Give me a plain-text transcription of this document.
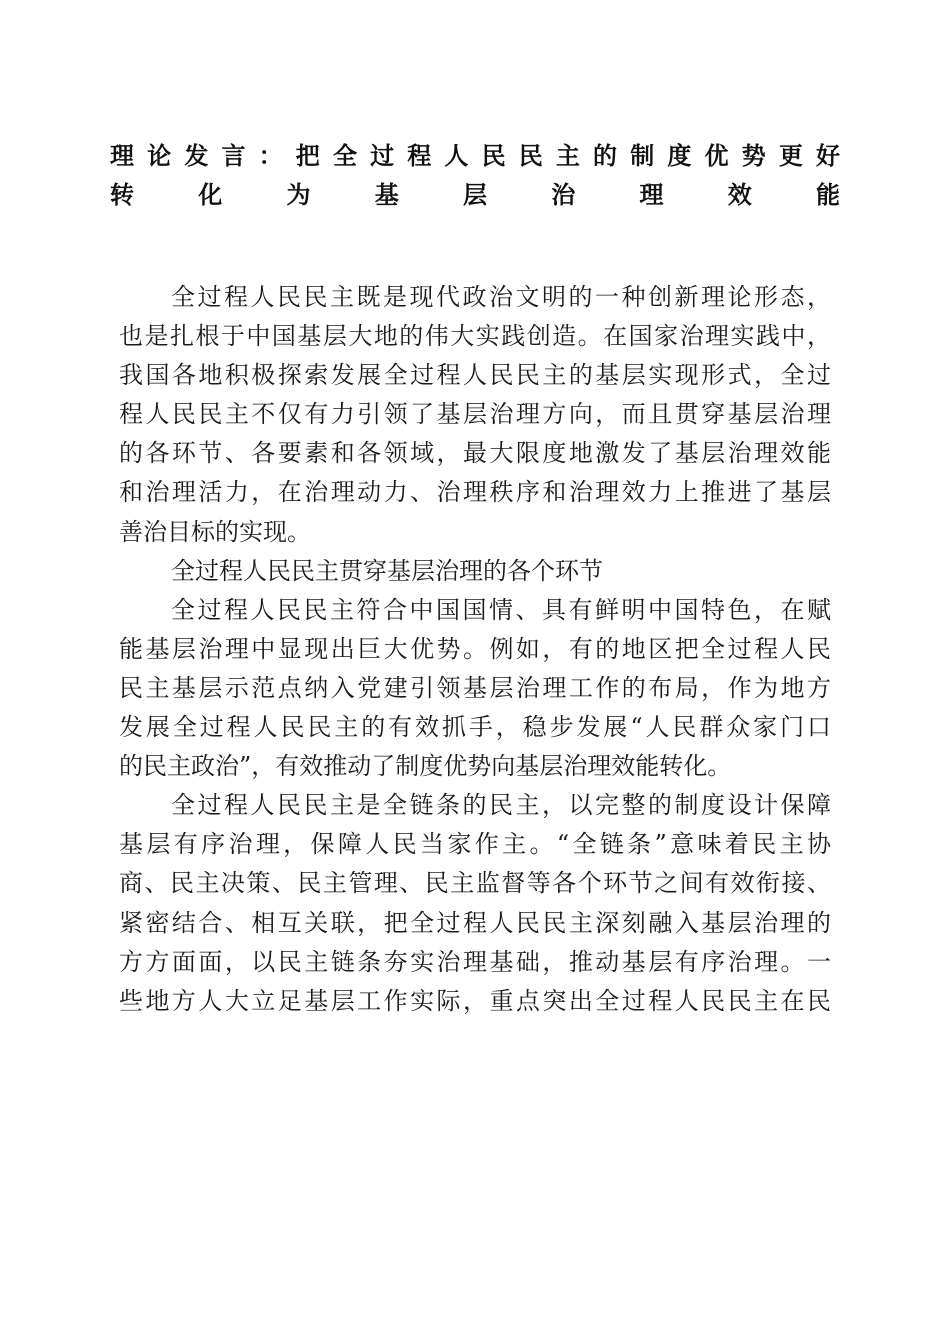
理论发言：把全过程人民民主的制度优势更好
转化为基层治理效能
全过程人民民主既是现代政治文明的一种创新理论形态，
也是扎根于中国基层大地的伟大实践创造。在国家治理实践中，
我国各地积极探索发展全过程人民民主的基层实现形式，全过
程人民民主不仅有力引领了基层治理方向，而且贯穿基层治理
的各环节、各要素和各领域，最大限度地激发了基层治理效能
和治理活力，在治理动力、治理秩序和治理效力上推进了基层
善治目标的实现。
全过程人民民主贯穿基层治理的各个环节
全过程人民民主符合中国国情、具有鲜明中国特色，在赋
能基层治理中显现出巨大优势。例如，有的地区把全过程人民
民主基层示范点纳入党建引领基层治理工作的布局，作为地方
发展全过程人民民主的有效抓手，稳步发展“人民群众家门口
的民主政治”，有效推动了制度优势向基层治理效能转化。
全过程人民民主是全链条的民主，以完整的制度设计保障
基层有序治理，保障人民当家作主。“全链条”意味着民主协
商、民主决策、民主管理、民主监督等各个环节之间有效衔接、
紧密结合、相互关联，把全过程人民民主深刻融入基层治理的
方方面面，以民主链条夯实治理基础，推动基层有序治理。一
些地方人大立足基层工作实际，重点突出全过程人民民主在民
